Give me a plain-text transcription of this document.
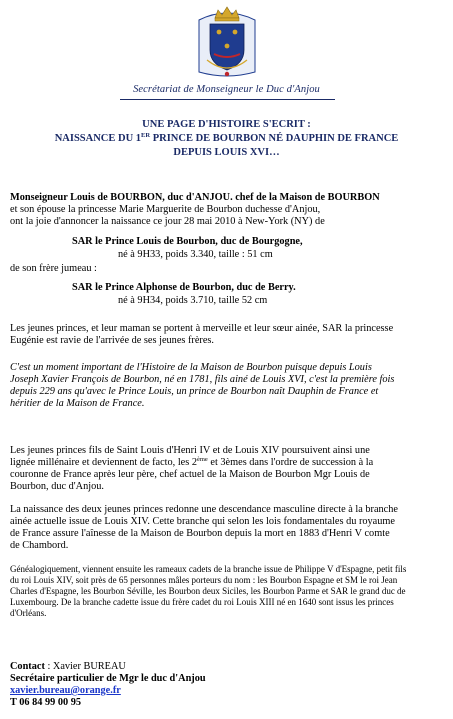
Secrétariat de Monseigneur le Duc d'Anjou
UNE PAGE D'HISTOIRE S'ECRIT :
NAISSANCE DU 1ER PRINCE DE BOURBON NÉ DAUPHIN DE FRANCE
DEPUIS LOUIS XVI…
Monseigneur Louis de BOURBON, duc d'ANJOU. chef de la Maison de BOURBON
et son épouse la princesse Marie Marguerite de Bourbon duchesse d'Anjou,
ont la joie d'annoncer la naissance ce jour 28 mai 2010 à New-York (NY) de
SAR le Prince Louis de Bourbon, duc de Bourgogne,
né à 9H33, poids 3.340, taille : 51 cm
de son frère jumeau :
SAR le Prince Alphonse de Bourbon, duc de Berry.
né à 9H34, poids 3.710, taille 52 cm
Les jeunes princes, et leur maman se portent à merveille et leur sœur ainée, SAR la princesse
Eugénie est ravie de l'arrivée de ses jeunes frères.
C'est un moment important de l'Histoire de la Maison de Bourbon puisque depuis Louis
Joseph Xavier François de Bourbon, né en 1781, fils ainé de Louis XVI, c'est la première fois
depuis 229 ans qu'avec le Prince Louis, un prince de Bourbon naît Dauphin de France et
héritier de la Maison de France.
Les jeunes princes fils de Saint Louis d'Henri IV et de Louis XIV poursuivent ainsi une
lignée millénaire et deviennent de facto, les 2ème et 3èmes dans l'ordre de succession à la
couronne de France après leur père, chef actuel de la Maison de Bourbon Mgr Louis de
Bourbon, duc d'Anjou.
La naissance des deux jeunes princes redonne une descendance masculine directe à la branche
ainée actuelle issue de Louis XIV. Cette branche qui selon les lois fondamentales du royaume
de France assure l'aînesse de la Maison de Bourbon depuis la mort en 1883 d'Henri V comte
de Chambord.
Généalogiquement, viennent ensuite les rameaux cadets de la branche issue de Philippe V d'Espagne, petit fils
du roi Louis XIV, soit près de 65 personnes mâles porteurs du nom : les Bourbon Espagne et SM le roi Jean
Charles d'Espagne, les Bourbon Séville, les Bourbon deux Siciles, les Bourbon Parme et SAR le grand duc de
Luxembourg. De la branche cadette issue du frère cadet du roi Louis XIII né en 1640 sont issus les princes
d'Orléans.
Contact : Xavier BUREAU
Secrétaire particulier de Mgr le duc d'Anjou
xavier.bureau@orange.fr
T 06 84 99 00 95
